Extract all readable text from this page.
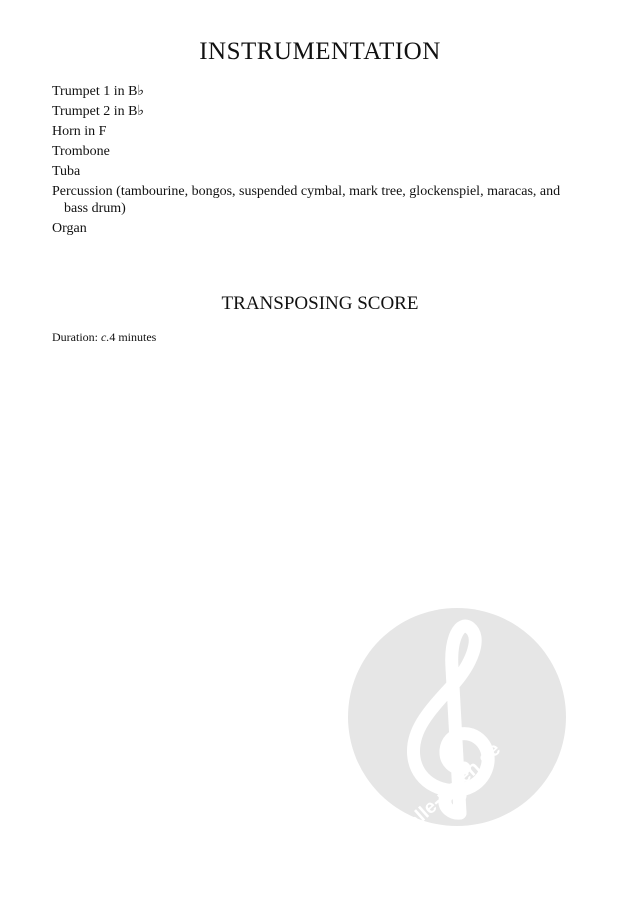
INSTRUMENTATION
Trumpet 1 in B♭
Trumpet 2 in B♭
Horn in F
Trombone
Tuba
Percussion (tambourine, bongos, suspended cymbal, mark tree, glockenspiel, maracas, and bass drum)
Organ
TRANSPOSING SCORE

Duration: c.4 minutes

alle-noten.de
